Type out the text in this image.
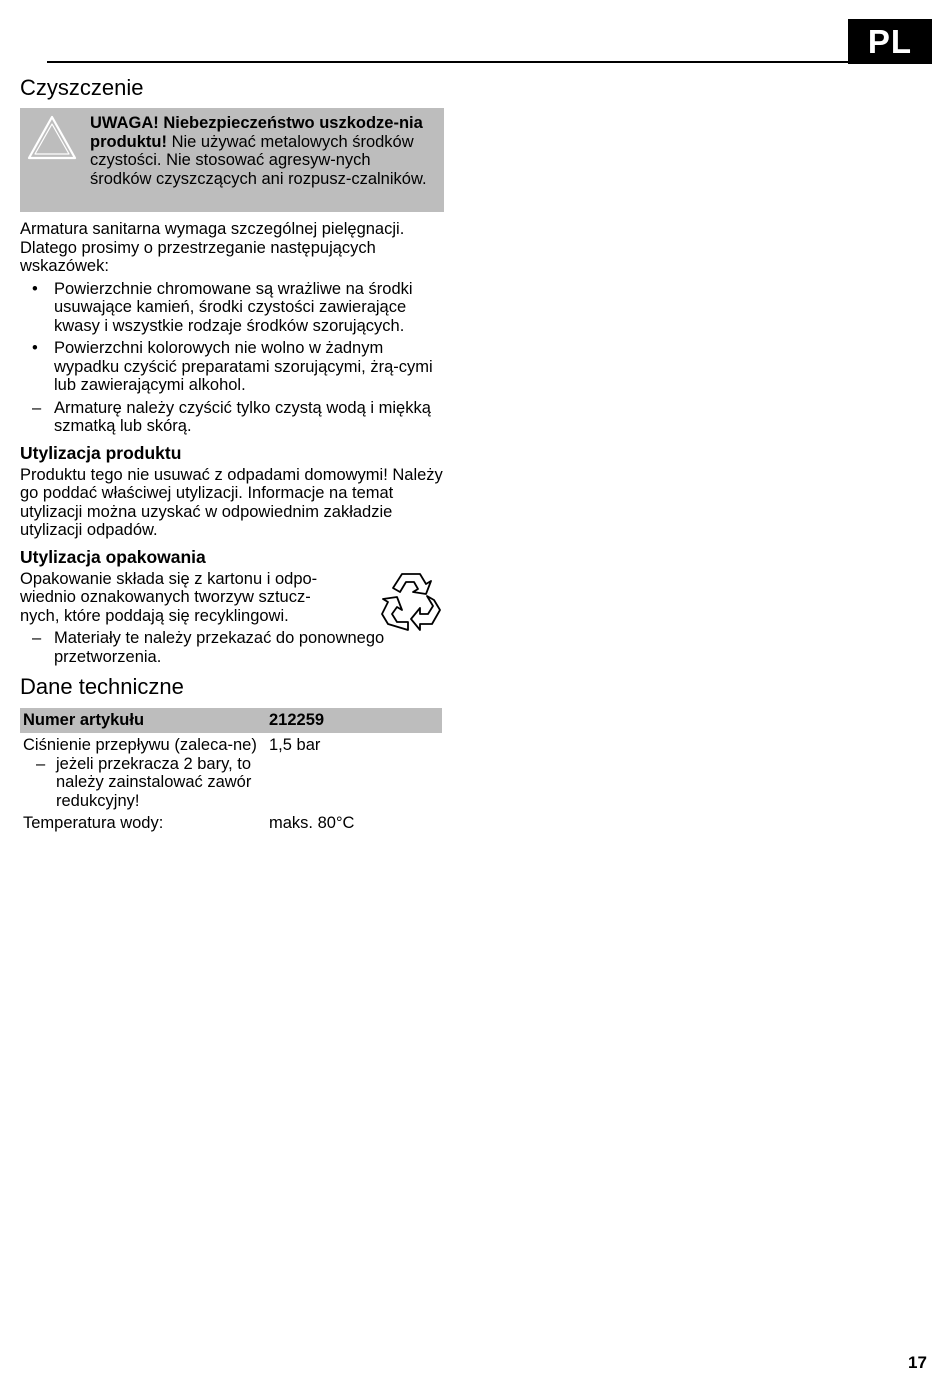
PL
Czyszczenie
UWAGA! Niebezpieczeństwo uszkodze-nia produktu! Nie używać metalowych środków czystości. Nie stosować agresyw-nych środków czyszczących ani rozpusz-czalników.

Armatura sanitarna wymaga szczególnej pielęgnacji. Dlatego prosimy o przestrzeganie następujących wskazówek:

• Powierzchnie chromowane są wrażliwe na środki usuwające kamień, środki czystości zawierające kwasy i wszystkie rodzaje środków szorujących.
• Powierzchni kolorowych nie wolno w żadnym wypadku czyścić preparatami szorującymi, żrą-cymi lub zawierającymi alkohol.
– Armaturę należy czyścić tylko czystą wodą i miękką szmatką lub skórą.
Utylizacja produktu

Produktu tego nie usuwać z odpadami domowymi! Należy go poddać właściwej utylizacji. Informacje na temat utylizacji można uzyskać w odpowiednim zakładzie utylizacji odpadów.

Utylizacja opakowania

Opakowanie składa się z kartonu i odpo-wiednio oznakowanych tworzyw sztucz-nych, które poddają się recyklingowi.

– Materiały te należy przekazać do ponownego przetworzenia.
Dane techniczne
Numer artykułu	212259

Ciśnienie przepływu (zaleca-ne)
– jeżeli przekracza 2 bary, to należy zainstalować zawór redukcyjny!	1,5 bar
Temperatura wody:	maks. 80°C
17
